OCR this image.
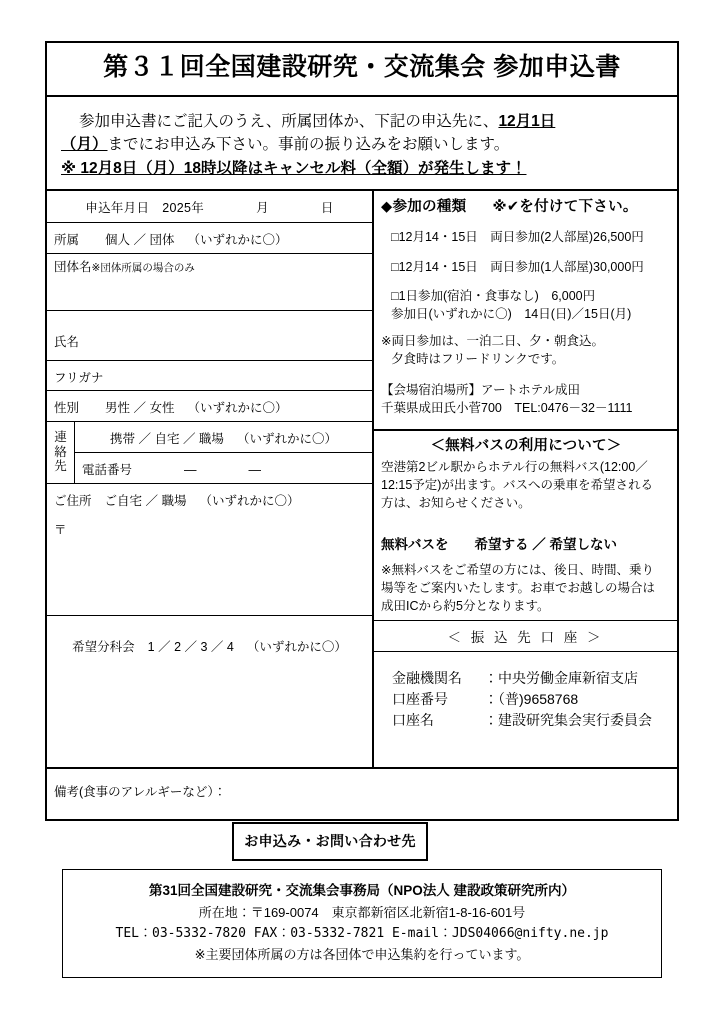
第３１回全国建設研究・交流集会 参加申込書
参加申込書にご記入のうえ、所属団体か、下記の申込先に、12月1日
（月）までにお申込み下さい。事前の振り込みをお願いします。
※ 12月8日（月）18時以降はキャンセル料（全額）が発生します！
申込年月日 2025年	月	日
所属 個人 ／ 団体 （いずれかに〇）
団体名※団体所属の場合のみ
氏名
フリガナ
性別 男性 ／ 女性 （いずれかに〇）
連
絡
先
携帯 ／ 自宅 ／ 職場 （いずれかに〇）
電話番号	—	—
ご住所 ご自宅 ／ 職場 （いずれかに〇）
〒
希望分科会 1 ／ 2 ／ 3 ／ 4 （いずれかに〇）
◆参加の種類 ※✔を付けて下さい。
□12月14・15日　両日参加(2人部屋)26,500円
□12月14・15日　両日参加(1人部屋)30,000円
□1日参加(宿泊・食事なし)　6,000円
参加日(いずれかに〇)　14日(日)／15日(月)
※両日参加は、一泊二日、夕・朝食込。
夕食時はフリードリンクです。
【会場宿泊場所】アートホテル成田
千葉県成田氏小菅700　TEL:0476－32－1111
＜無料バスの利用について＞
空港第2ビル駅からホテル行の無料バス(12:00／
12:15予定)が出ます。バスへの乗車を希望される
方は、お知らせください。
無料バスを 希望する ／ 希望しない
※無料バスをご希望の方には、後日、時間、乗り
場等をご案内いたします。お車でお越しの場合は
成田ICから約5分となります。
＜ 振 込 先 口 座 ＞
金融機関名 ：中央労働金庫新宿支店
口座番号	：（普)9658768
口座名	：建設研究集会実行委員会
備考(食事のアレルギーなど）：
お申込み・お問い合わせ先
第31回全国建設研究・交流集会事務局（NPO法人 建設政策研究所内）
所在地：〒169-0074　東京都新宿区北新宿1-8-16-601号
TEL：03-5332-7820 FAX：03-5332-7821 E-mail：JDS04066@nifty.ne.jp
※主要団体所属の方は各団体で申込集約を行っています。
